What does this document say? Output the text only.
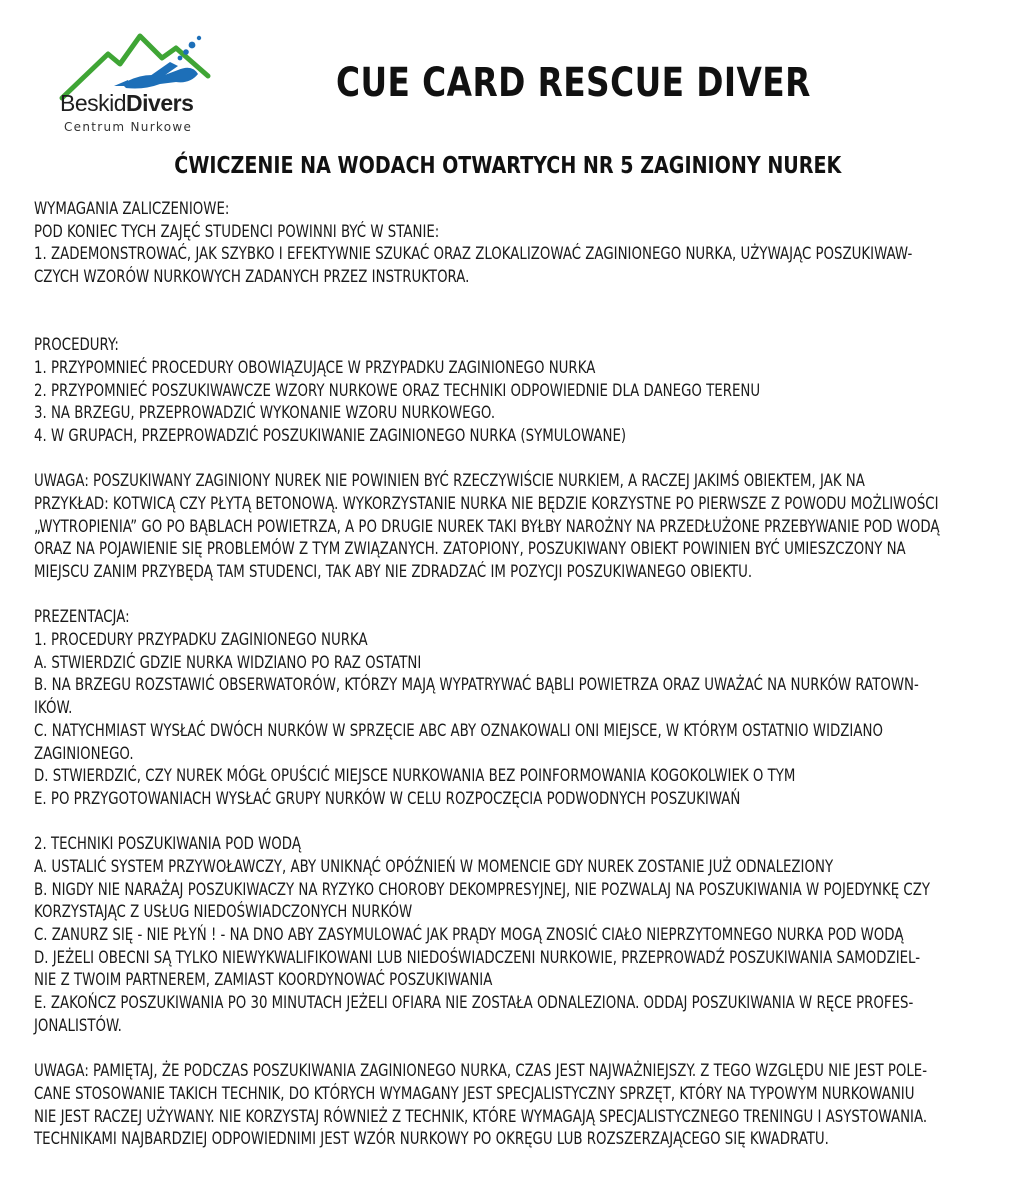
BeskidDivers
Centrum Nurkowe
CUE CARD RESCUE DIVER
ĆWICZENIE NA WODACH OTWARTYCH NR 5 ZAGINIONY NUREK
WYMAGANIA ZALICZENIOWE:
POD KONIEC TYCH ZAJĘĆ STUDENCI POWINNI BYĆ W STANIE:
1. ZADEMONSTROWAĆ, JAK SZYBKO I EFEKTYWNIE SZUKAĆ ORAZ ZLOKALIZOWAĆ ZAGINIONEGO NURKA, UŻYWAJĄC POSZUKIWAW-
CZYCH WZORÓW NURKOWYCH ZADANYCH PRZEZ INSTRUKTORA.
PROCEDURY:
1. PRZYPOMNIEĆ PROCEDURY OBOWIĄZUJĄCE W PRZYPADKU ZAGINIONEGO NURKA
2. PRZYPOMNIEĆ POSZUKIWAWCZE WZORY NURKOWE ORAZ TECHNIKI ODPOWIEDNIE DLA DANEGO TERENU
3. NA BRZEGU, PRZEPROWADZIĆ WYKONANIE WZORU NURKOWEGO.
4. W GRUPACH, PRZEPROWADZIĆ POSZUKIWANIE ZAGINIONEGO NURKA (SYMULOWANE)
UWAGA: POSZUKIWANY ZAGINIONY NUREK NIE POWINIEN BYĆ RZECZYWIŚCIE NURKIEM, A RACZEJ JAKIMŚ OBIEKTEM, JAK NA
PRZYKŁAD: KOTWICĄ CZY PŁYTĄ BETONOWĄ. WYKORZYSTANIE NURKA NIE BĘDZIE KORZYSTNE PO PIERWSZE Z POWODU MOŻLIWOŚCI
„WYTROPIENIA” GO PO BĄBLACH POWIETRZA, A PO DRUGIE NUREK TAKI BYŁBY NAROŻNY NA PRZEDŁUŻONE PRZEBYWANIE POD WODĄ
ORAZ NA POJAWIENIE SIĘ PROBLEMÓW Z TYM ZWIĄZANYCH. ZATOPIONY, POSZUKIWANY OBIEKT POWINIEN BYĆ UMIESZCZONY NA
MIEJSCU ZANIM PRZYBĘDĄ TAM STUDENCI, TAK ABY NIE ZDRADZAĆ IM POZYCJI POSZUKIWANEGO OBIEKTU.
PREZENTACJA:
1. PROCEDURY PRZYPADKU ZAGINIONEGO NURKA
A. STWIERDZIĆ GDZIE NURKA WIDZIANO PO RAZ OSTATNI
B. NA BRZEGU ROZSTAWIĆ OBSERWATORÓW, KTÓRZY MAJĄ WYPATRYWAĆ BĄBLI POWIETRZA ORAZ UWAŻAĆ NA NURKÓW RATOWN-
IKÓW.
C. NATYCHMIAST WYSŁAĆ DWÓCH NURKÓW W SPRZĘCIE ABC ABY OZNAKOWALI ONI MIEJSCE, W KTÓRYM OSTATNIO WIDZIANO
ZAGINIONEGO.
D. STWIERDZIĆ, CZY NUREK MÓGŁ OPUŚCIĆ MIEJSCE NURKOWANIA BEZ POINFORMOWANIA KOGOKOLWIEK O TYM
E. PO PRZYGOTOWANIACH WYSŁAĆ GRUPY NURKÓW W CELU ROZPOCZĘCIA PODWODNYCH POSZUKIWAŃ
2. TECHNIKI POSZUKIWANIA POD WODĄ
A. USTALIĆ SYSTEM PRZYWOŁAWCZY, ABY UNIKNĄĆ OPÓŹNIEŃ W MOMENCIE GDY NUREK ZOSTANIE JUŻ ODNALEZIONY
B. NIGDY NIE NARAŻAJ POSZUKIWACZY NA RYZYKO CHOROBY DEKOMPRESYJNEJ, NIE POZWALAJ NA POSZUKIWANIA W POJEDYNKĘ CZY
KORZYSTAJĄC Z USŁUG NIEDOŚWIADCZONYCH NURKÓW
C. ZANURZ SIĘ - NIE PŁYŃ ! - NA DNO ABY ZASYMULOWAĆ JAK PRĄDY MOGĄ ZNOSIĆ CIAŁO NIEPRZYTOMNEGO NURKA POD WODĄ
D. JEŻELI OBECNI SĄ TYLKO NIEWYKWALIFIKOWANI LUB NIEDOŚWIADCZENI NURKOWIE, PRZEPROWADŹ POSZUKIWANIA SAMODZIEL-
NIE Z TWOIM PARTNEREM, ZAMIAST KOORDYNOWAĆ POSZUKIWANIA
E. ZAKOŃCZ POSZUKIWANIA PO 30 MINUTACH JEŻELI OFIARA NIE ZOSTAŁA ODNALEZIONA. ODDAJ POSZUKIWANIA W RĘCE PROFES-
JONALISTÓW.
UWAGA: PAMIĘTAJ, ŻE PODCZAS POSZUKIWANIA ZAGINIONEGO NURKA, CZAS JEST NAJWAŻNIEJSZY. Z TEGO WZGLĘDU NIE JEST POLE-
CANE STOSOWANIE TAKICH TECHNIK, DO KTÓRYCH WYMAGANY JEST SPECJALISTYCZNY SPRZĘT, KTÓRY NA TYPOWYM NURKOWANIU
NIE JEST RACZEJ UŻYWANY. NIE KORZYSTAJ RÓWNIEŻ Z TECHNIK, KTÓRE WYMAGAJĄ SPECJALISTYCZNEGO TRENINGU I ASYSTOWANIA.
TECHNIKAMI NAJBARDZIEJ ODPOWIEDNIMI JEST WZÓR NURKOWY PO OKRĘGU LUB ROZSZERZAJĄCEGO SIĘ KWADRATU.
